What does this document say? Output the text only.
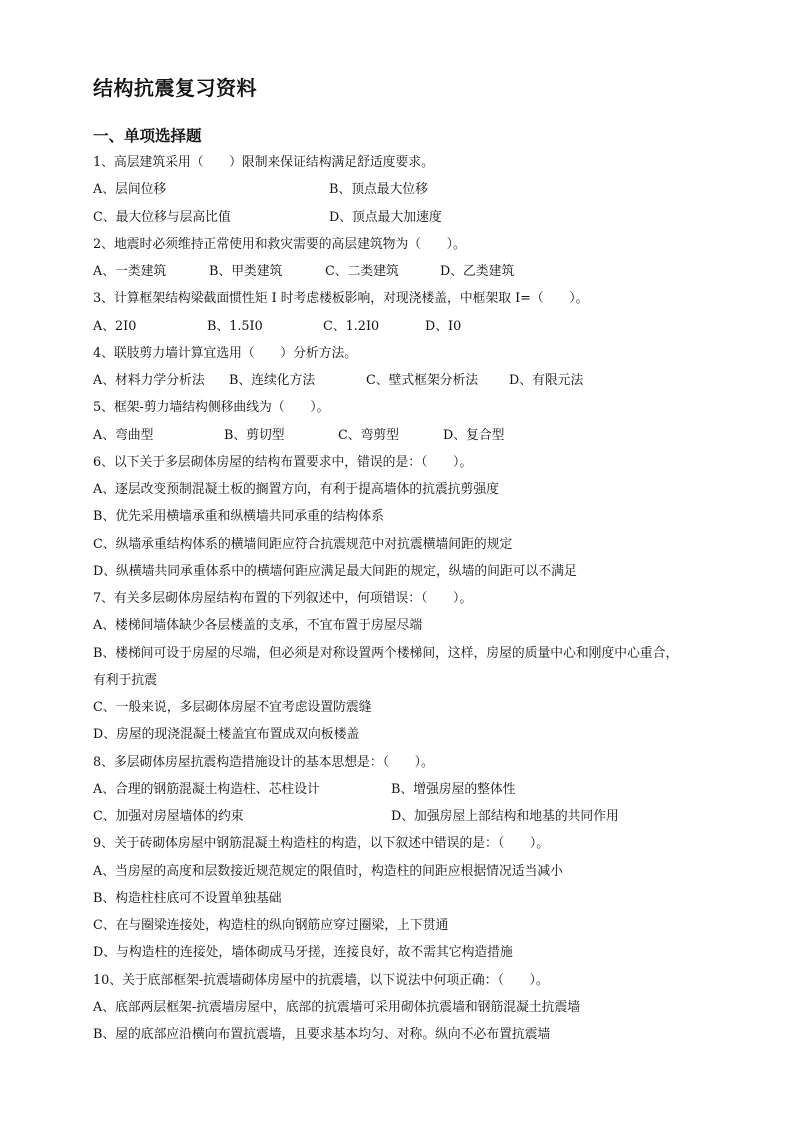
结构抗震复习资料
一、单项选择题
1、高层建筑采用（　　）限制来保证结构满足舒适度要求。
A、层间位移	B、顶点最大位移
C、最大位移与层高比值	D、顶点最大加速度
2、地震时必须维持正常使用和救灾需要的高层建筑物为（　　）。
A、一类建筑	B、甲类建筑	C、二类建筑	D、乙类建筑
3、计算框架结构梁截面惯性矩 I 时考虑楼板影响，对现浇楼盖，中框架取 I=（　　）。
A、2I0	B、1.5I0	C、1.2I0	D、I0
4、联肢剪力墙计算宜选用（　　）分析方法。
A、材料力学分析法 B、连续化方法	C、壁式框架分析法 D、有限元法
5、框架-剪力墙结构侧移曲线为（　　）。
A、弯曲型	B、剪切型	C、弯剪型	D、复合型
6、以下关于多层砌体房屋的结构布置要求中，错误的是：（　　）。
A、逐层改变预制混凝土板的搁置方向，有利于提高墙体的抗震抗剪强度
B、优先采用横墙承重和纵横墙共同承重的结构体系
C、纵墙承重结构体系的横墙间距应符合抗震规范中对抗震横墙间距的规定
D、纵横墙共同承重体系中的横墙何距应满足最大间距的规定，纵墙的间距可以不满足
7、有关多层砌体房屋结构布置的下列叙述中，何项错误：（　　）。
A、楼梯间墙体缺少各层楼盖的支承，不宜布置于房屋尽端
B、楼梯间可设于房屋的尽端，但必须是对称设置两个楼梯间，这样，房屋的质量中心和刚度中心重合，
有利于抗震
C、一般来说，多层砌体房屋不宜考虑设置防震缝
D、房屋的现浇混凝土楼盖宜布置成双向板楼盖
8、多层砌体房屋抗震构造措施设计的基本思想是：（　　）。
A、合理的钢筋混凝土构造柱、芯柱设计	B、增强房屋的整体性
C、加强对房屋墙体的约束	D、加强房屋上部结构和地基的共同作用
9、关于砖砌体房屋中钢筋混凝土构造柱的构造，以下叙述中错误的是：（　　）。
A、当房屋的高度和层数接近规范规定的限值时，构造柱的间距应根据情况适当减小
B、构造柱柱底可不设置单独基础
C、在与圈梁连接处，构造柱的纵向钢筋应穿过圈梁，上下贯通
D、与构造柱的连接处，墙体砌成马牙搓，连接良好，故不需其它构造措施
10、关于底部框架-抗震墙砌体房屋中的抗震墙，以下说法中何项正确：（　　）。
A、底部两层框架-抗震墙房屋中，底部的抗震墙可采用砌体抗震墙和钢筋混凝土抗震墙
B、屋的底部应沿横向布置抗震墙，且要求基本均匀、对称。纵向不必布置抗震墙
